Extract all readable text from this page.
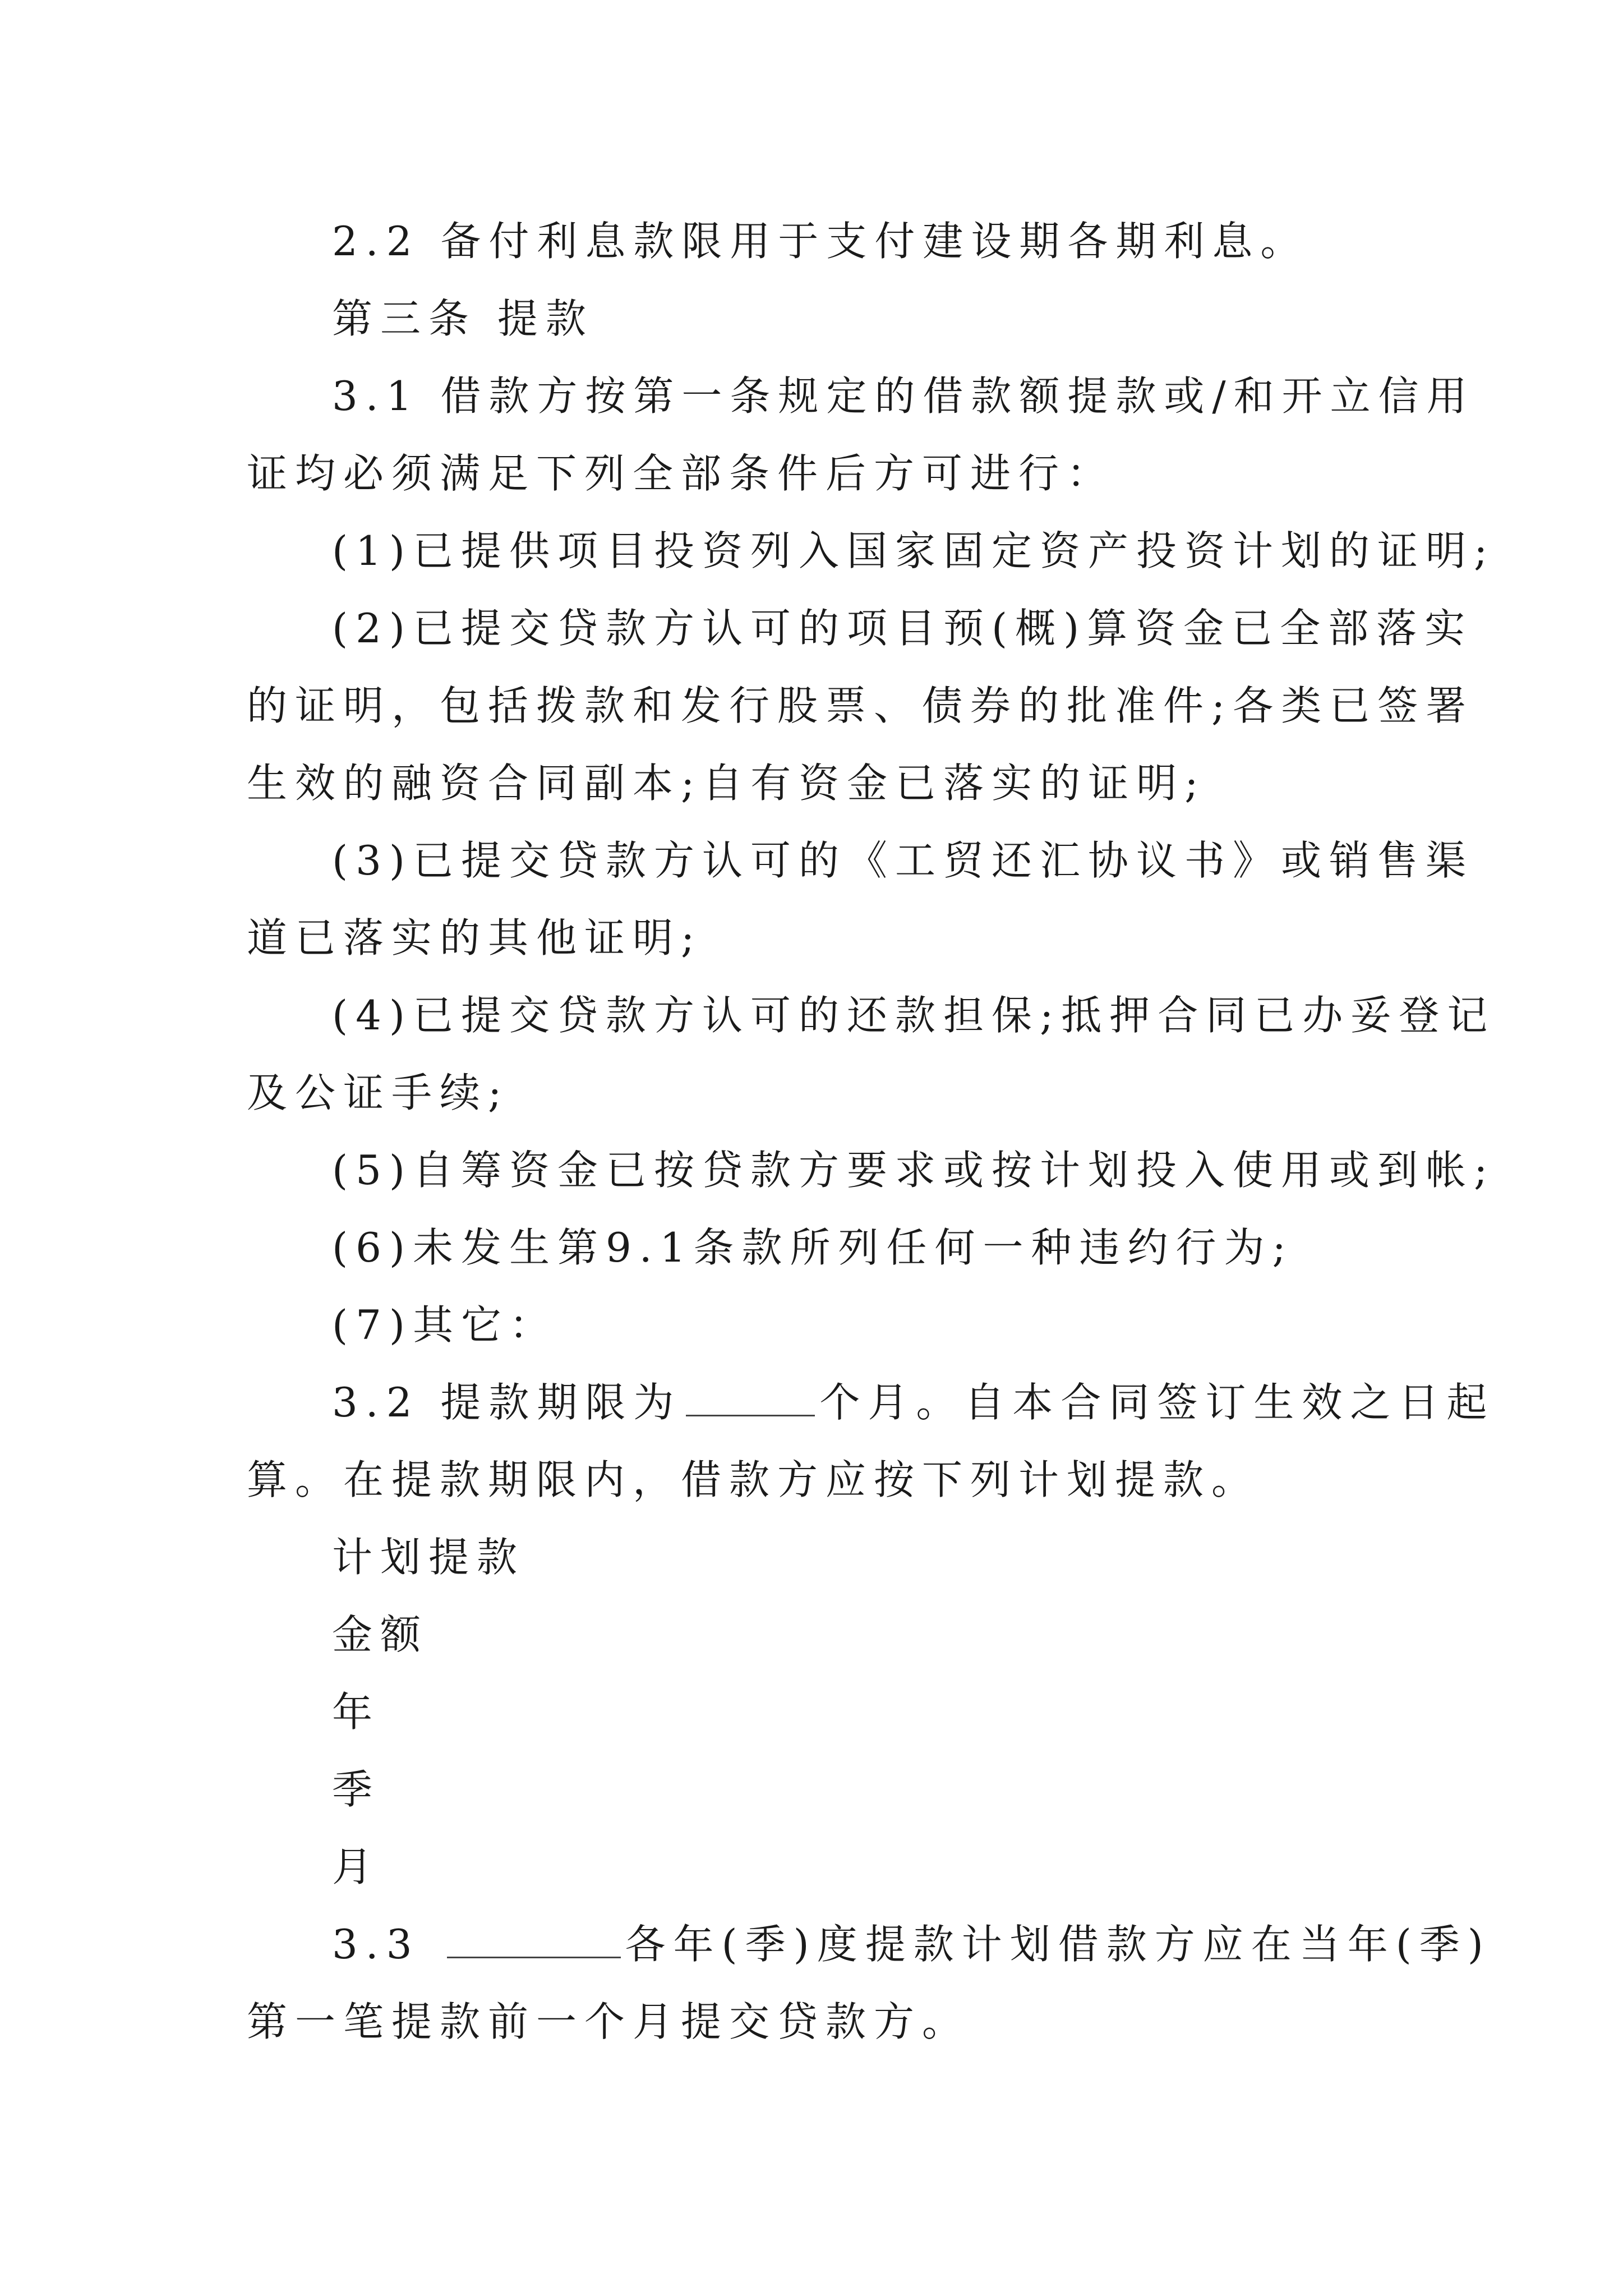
2.2 备付利息款限用于支付建设期各期利息。
第三条 提款
3.1 借款方按第一条规定的借款额提款或/和开立信用
证均必须满足下列全部条件后方可进行：
(1)已提供项目投资列入国家固定资产投资计划的证明;
(2)已提交贷款方认可的项目预(概)算资金已全部落实
的证明，包括拨款和发行股票、债券的批准件;各类已签署
生效的融资合同副本;自有资金已落实的证明;
(3)已提交贷款方认可的《工贸还汇协议书》或销售渠
道已落实的其他证明;
(4)已提交贷款方认可的还款担保;抵押合同已办妥登记
及公证手续;
(5)自筹资金已按贷款方要求或按计划投入使用或到帐;
(6)未发生第9.1条款所列任何一种违约行为;
(7)其它：
3.2 提款期限为	个月。自本合同签订生效之日起
算。在提款期限内，借款方应按下列计划提款。
计划提款
金额
年
季
月
3.3	各年(季)度提款计划借款方应在当年(季)
第一笔提款前一个月提交贷款方。
